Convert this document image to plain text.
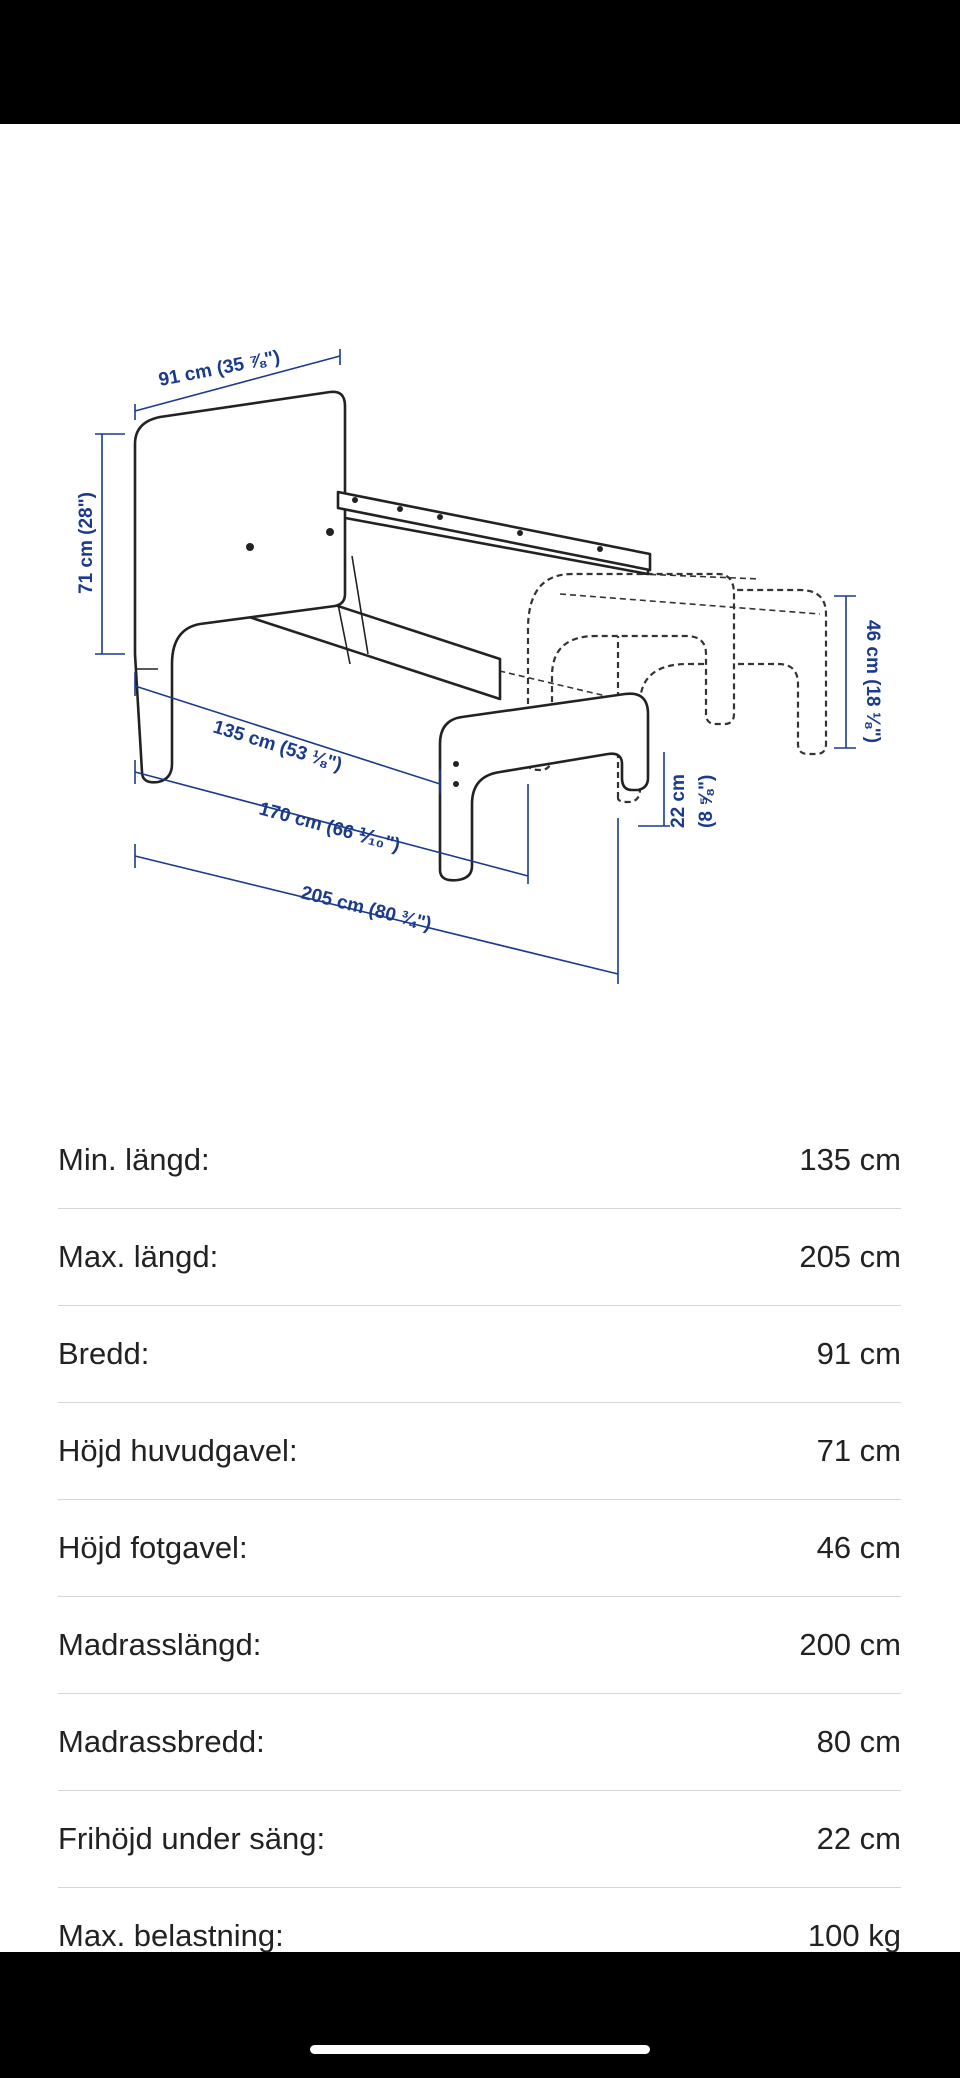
91 cm (35 ⅞")
71 cm (28")
46 cm (18 ⅛")
22 cm (8 ⅝")
135 cm (53 ⅛")
170 cm (66 ⅟₁₀")
205 cm (80 ¾")
Min. längd:	135 cm
Max. längd:	205 cm
Bredd:	91 cm
Höjd huvudgavel:	71 cm
Höjd fotgavel:	46 cm
Madrasslängd:	200 cm
Madrassbredd:	80 cm
Frihöjd under säng:	22 cm
Max. belastning:	100 kg
